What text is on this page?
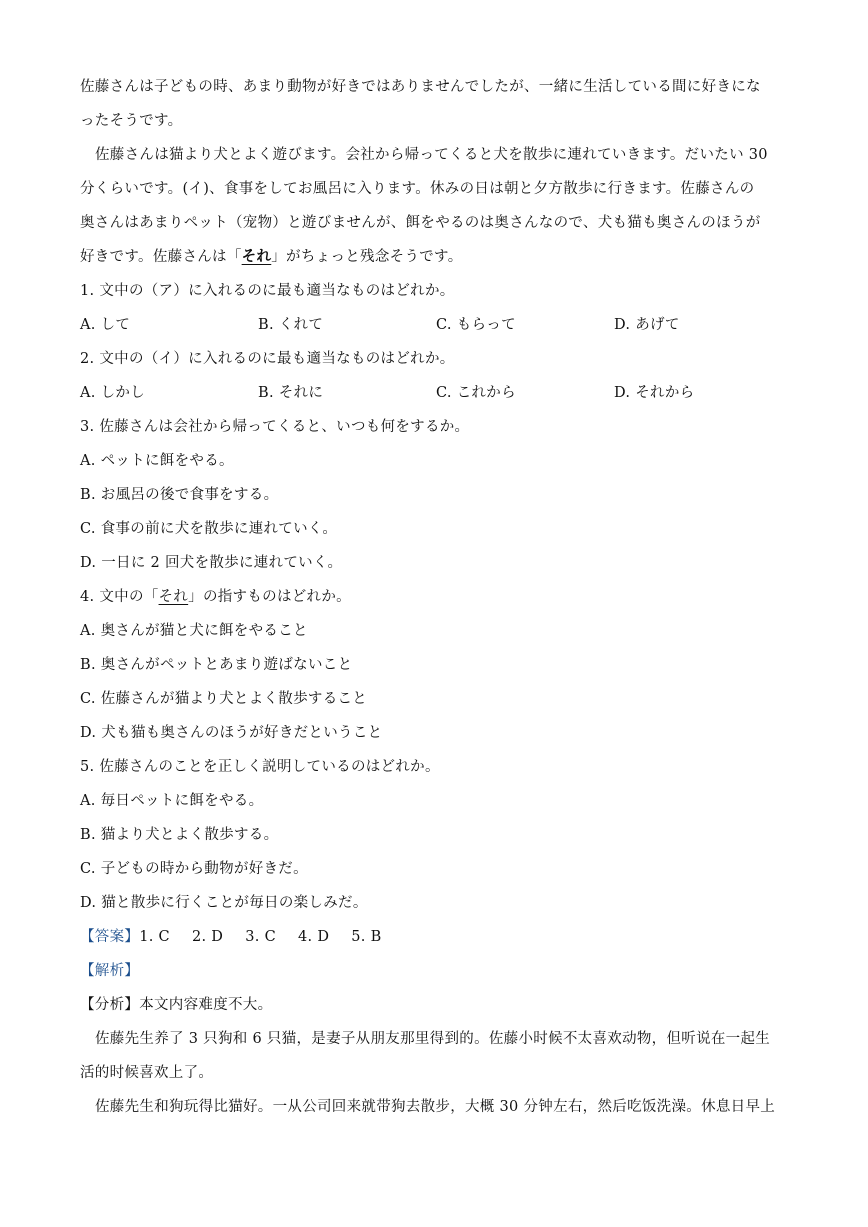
佐藤さんは子どもの時、あまり動物が好きではありませんでしたが、一緒に生活している間に好きにな
ったそうです。
佐藤さんは猫より犬とよく遊びます。会社から帰ってくると犬を散歩に連れていきます。だいたい 30
分くらいです。(イ)、食事をしてお風呂に入ります。休みの日は朝と夕方散歩に行きます。佐藤さんの
奥さんはあまりペット（宠物）と遊びませんが、餌をやるのは奥さんなので、犬も猫も奥さんのほうが
好きです。佐藤さんは「それ」がちょっと残念そうです。
1. 文中の（ア）に入れるのに最も適当なものはどれか。
A. して	B. くれて	C. もらって	D. あげて
2. 文中の（イ）に入れるのに最も適当なものはどれか。
A. しかし	B. それに	C. これから	D. それから
3. 佐藤さんは会社から帰ってくると、いつも何をするか。
A. ペットに餌をやる。
B. お風呂の後で食事をする。
C. 食事の前に犬を散歩に連れていく。
D. 一日に 2 回犬を散歩に連れていく。
4. 文中の「それ」の指すものはどれか。
A. 奥さんが猫と犬に餌をやること
B. 奥さんがペットとあまり遊ばないこと
C. 佐藤さんが猫より犬とよく散歩すること
D. 犬も猫も奥さんのほうが好きだということ
5. 佐藤さんのことを正しく説明しているのはどれか。
A. 毎日ペットに餌をやる。
B. 猫より犬とよく散歩する。
C. 子どもの時から動物が好きだ。
D. 猫と散歩に行くことが毎日の楽しみだ。
【答案】1. C 2. D 3. C 4. D 5. B
【解析】
【分析】本文内容难度不大。
佐藤先生养了 3 只狗和 6 只猫，是妻子从朋友那里得到的。佐藤小时候不太喜欢动物，但听说在一起生
活的时候喜欢上了。
佐藤先生和狗玩得比猫好。一从公司回来就带狗去散步，大概 30 分钟左右，然后吃饭洗澡。休息日早上
